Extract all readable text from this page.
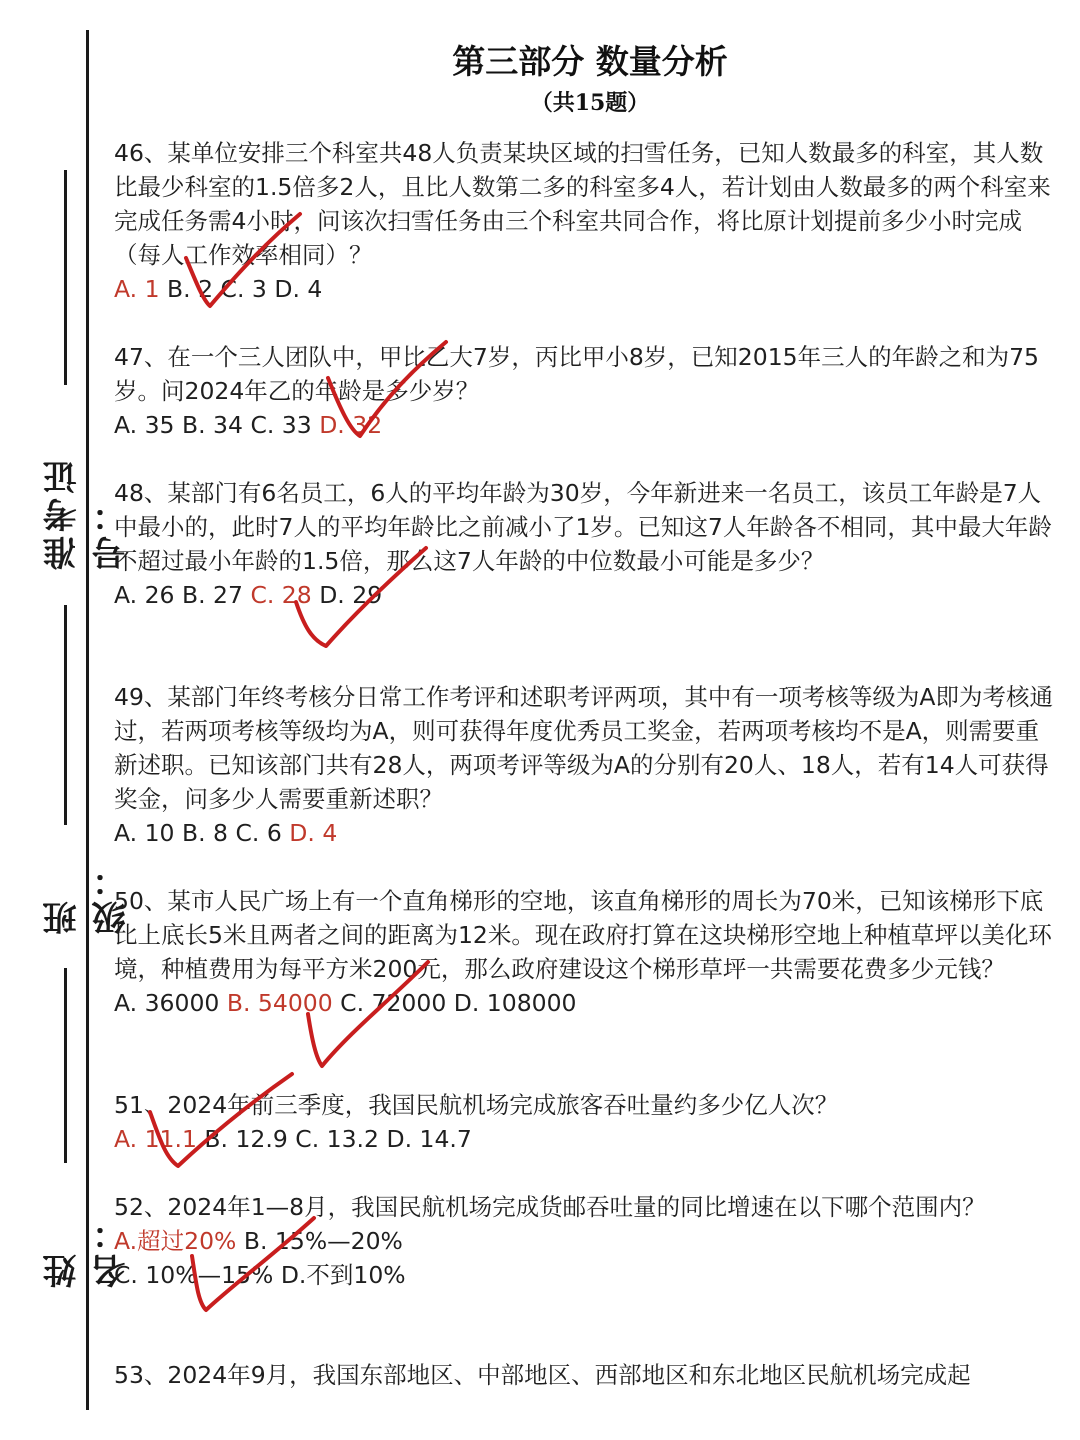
准考证号：
班级：
姓名：
第三部分 数量分析
（共15题）

46、某单位安排三个科室共48人负责某块区域的扫雪任务，已知人数最多的科室，其人数比最少科室的1.5倍多2人，且比人数第二多的科室多4人，若计划由人数最多的两个科室来完成任务需4小时，问该次扫雪任务由三个科室共同合作，将比原计划提前多少小时完成（每人工作效率相同）？

A. 1 B. 2 C. 3 D. 4

47、在一个三人团队中，甲比乙大7岁，丙比甲小8岁，已知2015年三人的年龄之和为75岁。问2024年乙的年龄是多少岁？

A. 35 B. 34 C. 33 D. 32

48、某部门有6名员工，6人的平均年龄为30岁，今年新进来一名员工，该员工年龄是7人中最小的，此时7人的平均年龄比之前减小了1岁。已知这7人年龄各不相同，其中最大年龄不超过最小年龄的1.5倍，那么这7人年龄的中位数最小可能是多少？

A. 26 B. 27 C. 28 D. 29

49、某部门年终考核分日常工作考评和述职考评两项，其中有一项考核等级为A即为考核通过，若两项考核等级均为A，则可获得年度优秀员工奖金，若两项考核均不是A，则需要重新述职。已知该部门共有28人，两项考评等级为A的分别有20人、18人，若有14人可获得奖金，问多少人需要重新述职？

A. 10 B. 8 C. 6 D. 4

50、某市人民广场上有一个直角梯形的空地，该直角梯形的周长为70米，已知该梯形下底比上底长5米且两者之间的距离为12米。现在政府打算在这块梯形空地上种植草坪以美化环境，种植费用为每平方米200元，那么政府建设这个梯形草坪一共需要花费多少元钱？

A. 36000 B. 54000 C. 72000 D. 108000

51、2024年前三季度，我国民航机场完成旅客吞吐量约多少亿人次？

A. 11.1 B. 12.9 C. 13.2 D. 14.7

52、2024年1—8月，我国民航机场完成货邮吞吐量的同比增速在以下哪个范围内？

A.超过20% B. 15%—20%

C. 10%—15% D.不到10%

53、2024年9月，我国东部地区、中部地区、西部地区和东北地区民航机场完成起
